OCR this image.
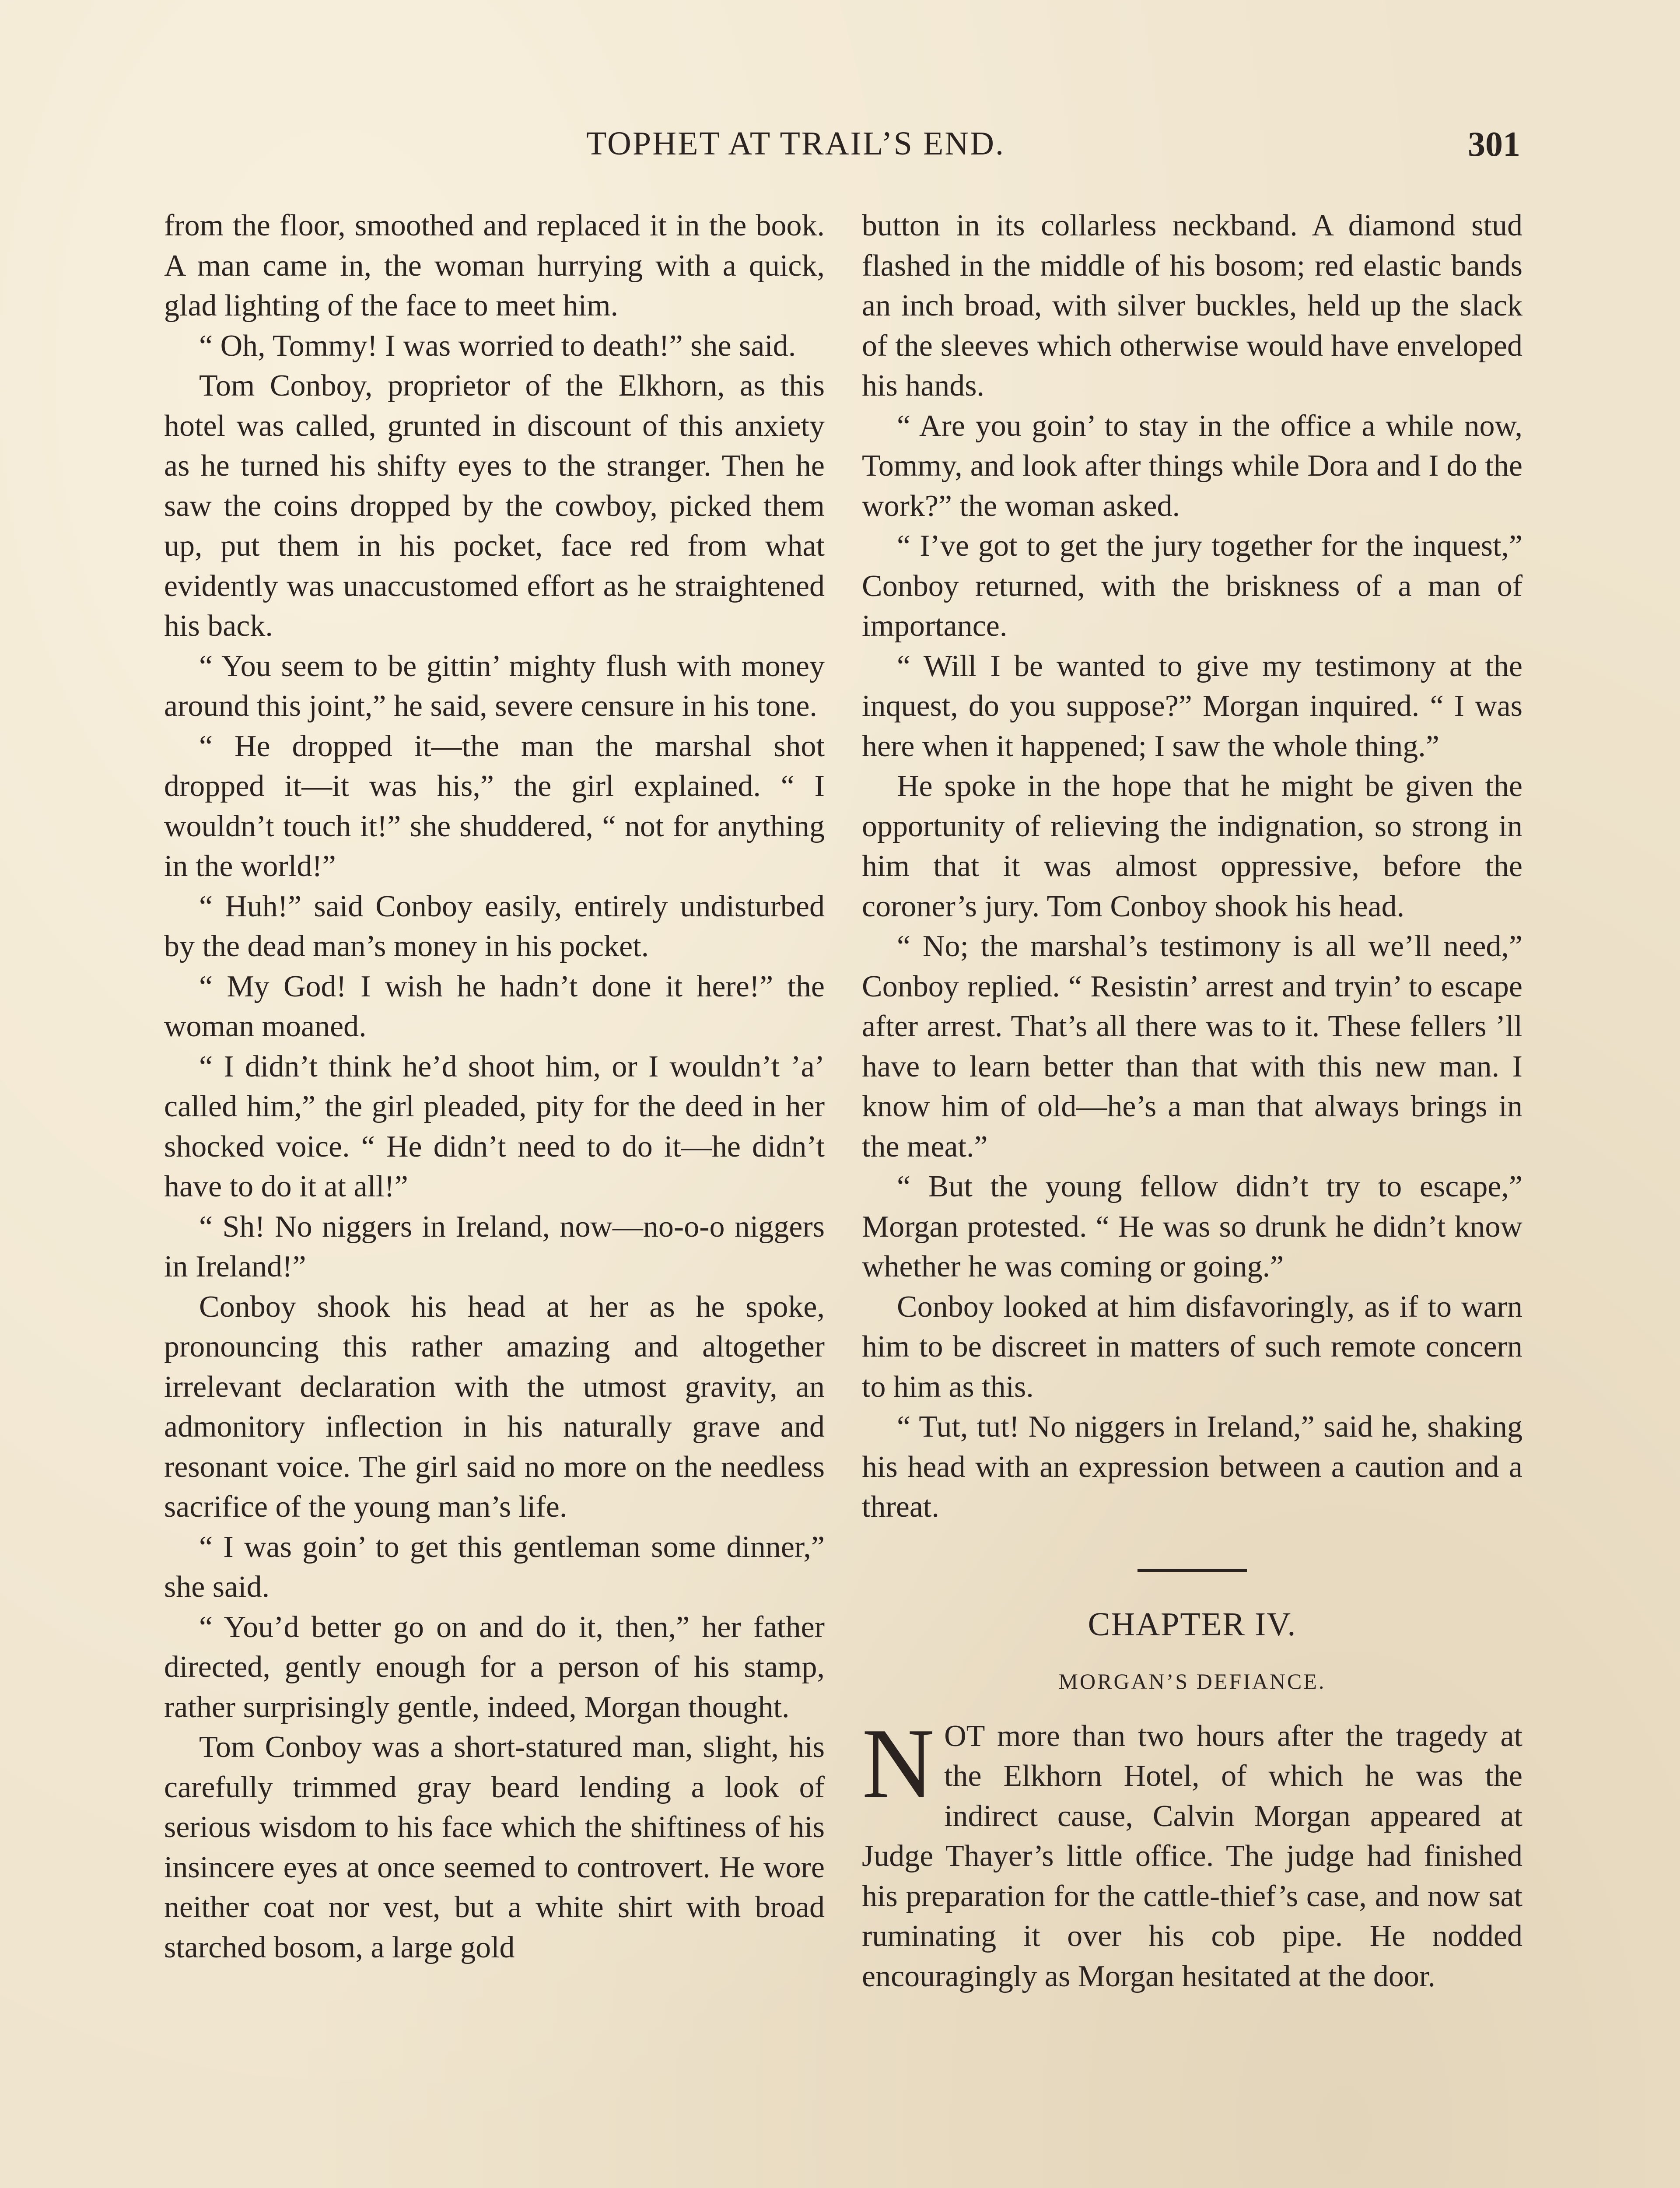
TOPHET AT TRAIL’S END.	301

from the floor, smoothed and replaced it in the book. A man came in, the woman hurrying with a quick, glad lighting of the face to meet him.

“ Oh, Tommy! I was worried to death!” she said.

Tom Conboy, proprietor of the Elkhorn, as this hotel was called, grunted in discount of this anxiety as he turned his shifty eyes to the stranger. Then he saw the coins dropped by the cowboy, picked them up, put them in his pocket, face red from what evidently was unaccustomed effort as he straightened his back.

“ You seem to be gittin’ mighty flush with money around this joint,” he said, severe censure in his tone.

“ He dropped it—the man the marshal shot dropped it—it was his,” the girl explained. “ I wouldn’t touch it!” she shuddered, “ not for anything in the world!”

“ Huh!” said Conboy easily, entirely undisturbed by the dead man’s money in his pocket.

“ My God! I wish he hadn’t done it here!” the woman moaned.

“ I didn’t think he’d shoot him, or I wouldn’t ’a’ called him,” the girl pleaded, pity for the deed in her shocked voice. “ He didn’t need to do it—he didn’t have to do it at all!”

“ Sh! No niggers in Ireland, now—no-o-o niggers in Ireland!”

Conboy shook his head at her as he spoke, pronouncing this rather amazing and altogether irrelevant declaration with the utmost gravity, an admonitory inflection in his naturally grave and resonant voice. The girl said no more on the needless sacrifice of the young man’s life.

“ I was goin’ to get this gentleman some dinner,” she said.

“ You’d better go on and do it, then,” her father directed, gently enough for a person of his stamp, rather surprisingly gentle, indeed, Morgan thought.

Tom Conboy was a short-statured man, slight, his carefully trimmed gray beard lending a look of serious wisdom to his face which the shiftiness of his insincere eyes at once seemed to controvert. He wore neither coat nor vest, but a white shirt with broad starched bosom, a large gold

button in its collarless neckband. A diamond stud flashed in the middle of his bosom; red elastic bands an inch broad, with silver buckles, held up the slack of the sleeves which otherwise would have enveloped his hands.

“ Are you goin’ to stay in the office a while now, Tommy, and look after things while Dora and I do the work?” the woman asked.

“ I’ve got to get the jury together for the inquest,” Conboy returned, with the briskness of a man of importance.

“ Will I be wanted to give my testimony at the inquest, do you suppose?” Morgan inquired. “ I was here when it happened; I saw the whole thing.”

He spoke in the hope that he might be given the opportunity of relieving the indignation, so strong in him that it was almost oppressive, before the coroner’s jury. Tom Conboy shook his head.

“ No; the marshal’s testimony is all we’ll need,” Conboy replied. “ Resistin’ arrest and tryin’ to escape after arrest. That’s all there was to it. These fellers ’ll have to learn better than that with this new man. I know him of old—he’s a man that always brings in the meat.”

“ But the young fellow didn’t try to escape,” Morgan protested. “ He was so drunk he didn’t know whether he was coming or going.”

Conboy looked at him disfavoringly, as if to warn him to be discreet in matters of such remote concern to him as this.

“ Tut, tut! No niggers in Ireland,” said he, shaking his head with an expression between a caution and a threat.

CHAPTER IV.
MORGAN’S DEFIANCE.

NOT more than two hours after the tragedy at the Elkhorn Hotel, of which he was the indirect cause, Calvin Morgan appeared at Judge Thayer’s little office. The judge had finished his preparation for the cattle-thief’s case, and now sat ruminating it over his cob pipe. He nodded encouragingly as Morgan hesitated at the door.
